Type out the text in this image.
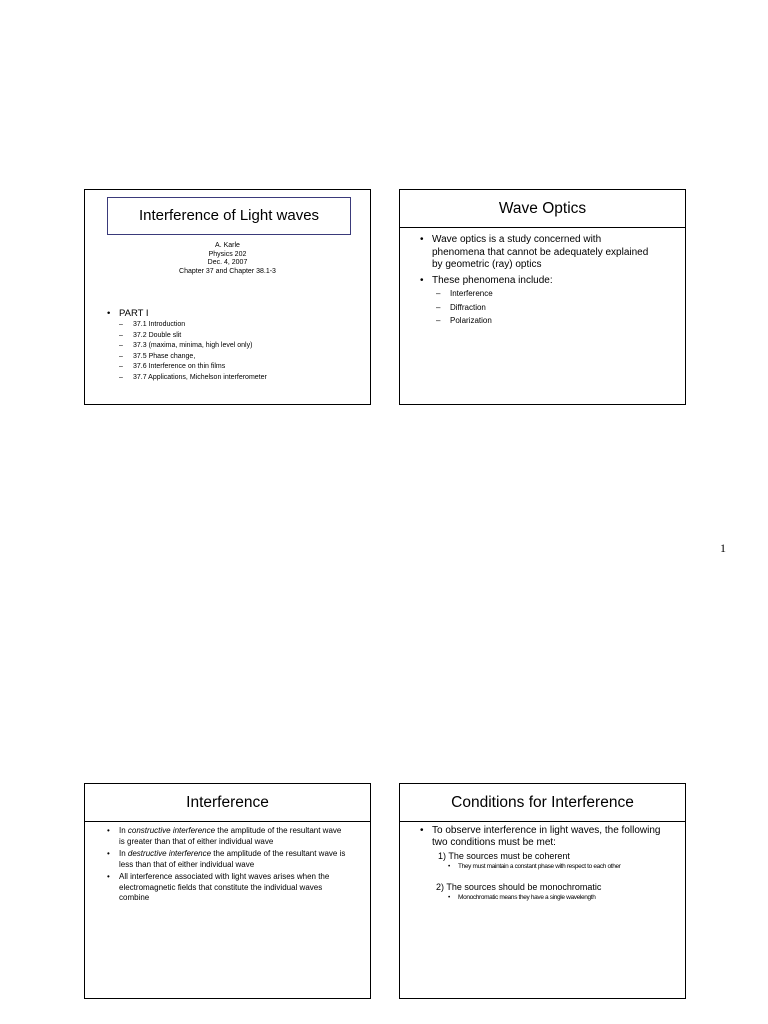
Interference of Light waves
A. Karle
Physics 202
Dec. 4, 2007
Chapter 37 and Chapter 38.1-3
• PART I
– 37.1 Introduction
– 37.2 Double slit
– 37.3 (maxima, minima, high level only)
– 37.5 Phase change,
– 37.6 Interference on thin films
– 37.7 Applications, Michelson interferometer
Wave Optics
• Wave optics is a study concerned with phenomena that cannot be adequately explained by geometric (ray) optics
• These phenomena include:
– Interference
– Diffraction
– Polarization
1
Interference
• In constructive interference the amplitude of the resultant wave is greater than that of either individual wave
• In destructive interference the amplitude of the resultant wave is less than that of either individual wave
• All interference associated with light waves arises when the electromagnetic fields that constitute the individual waves combine
Conditions for Interference
• To observe interference in light waves, the following two conditions must be met:
1) The sources must be coherent
• They must maintain a constant phase with respect to each other
2) The sources should be monochromatic
• Monochromatic means they have a single wavelength
